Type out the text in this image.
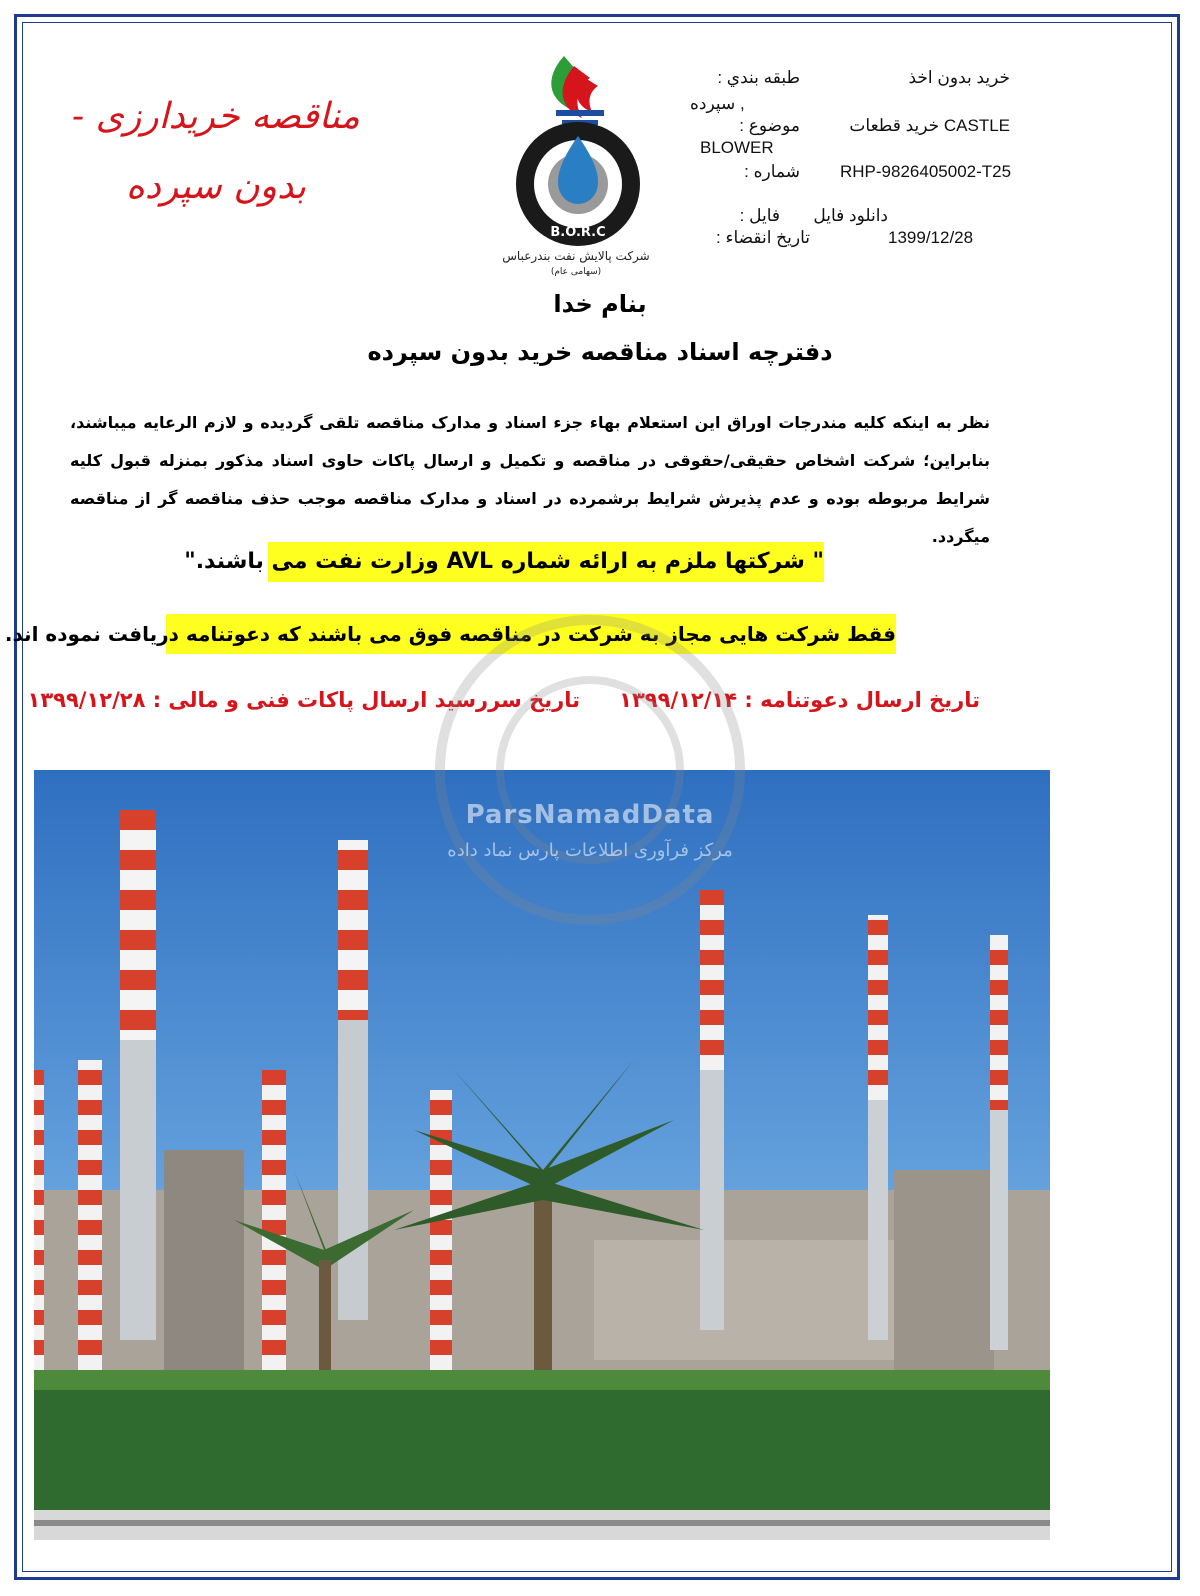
مناقصه خریدارزی - بدون سپرده
B.O.R.C
شرکت پالایش نفت بندرعباس
(سهامی عام)
طبقه بندي :	خرید بدون اخذ
, سپرده
موضوع :	CASTLE خرید قطعات
BLOWER
شماره : RHP-9826405002-T25
فایل :	دانلود فایل
تاریخ انقضاء :	1399/12/28
بنام خدا
دفترچه اسناد مناقصه خرید بدون سپرده
نظر به اینکه کلیه مندرجات اوراق این استعلام بهاء جزء اسناد و مدارک مناقصه تلقی گردیده و لازم الرعایه میباشند، بنابراین؛ شرکت اشخاص حقیقی/حقوقی در مناقصه و تکمیل و ارسال پاکات حاوی اسناد مذکور بمنزله قبول کلیه شرایط مربوطه بوده و عدم پذیرش شرایط برشمرده در اسناد و مدارک مناقصه موجب حذف مناقصه گر از مناقصه میگردد.
" شرکتها ملزم به ارائه شماره AVL وزارت نفت می باشند."
فقط شرکت هایی مجاز به شرکت در مناقصه فوق می باشند که دعوتنامه دریافت نموده اند.
تاریخ ارسال دعوتنامه : ۱۳۹۹/۱۲/۱۴
تاریخ سررسید ارسال پاکات فنی و مالی : ۱۳۹۹/۱۲/۲۸
ParsNamadData
مرکز فرآوری اطلاعات پارس نماد داده
